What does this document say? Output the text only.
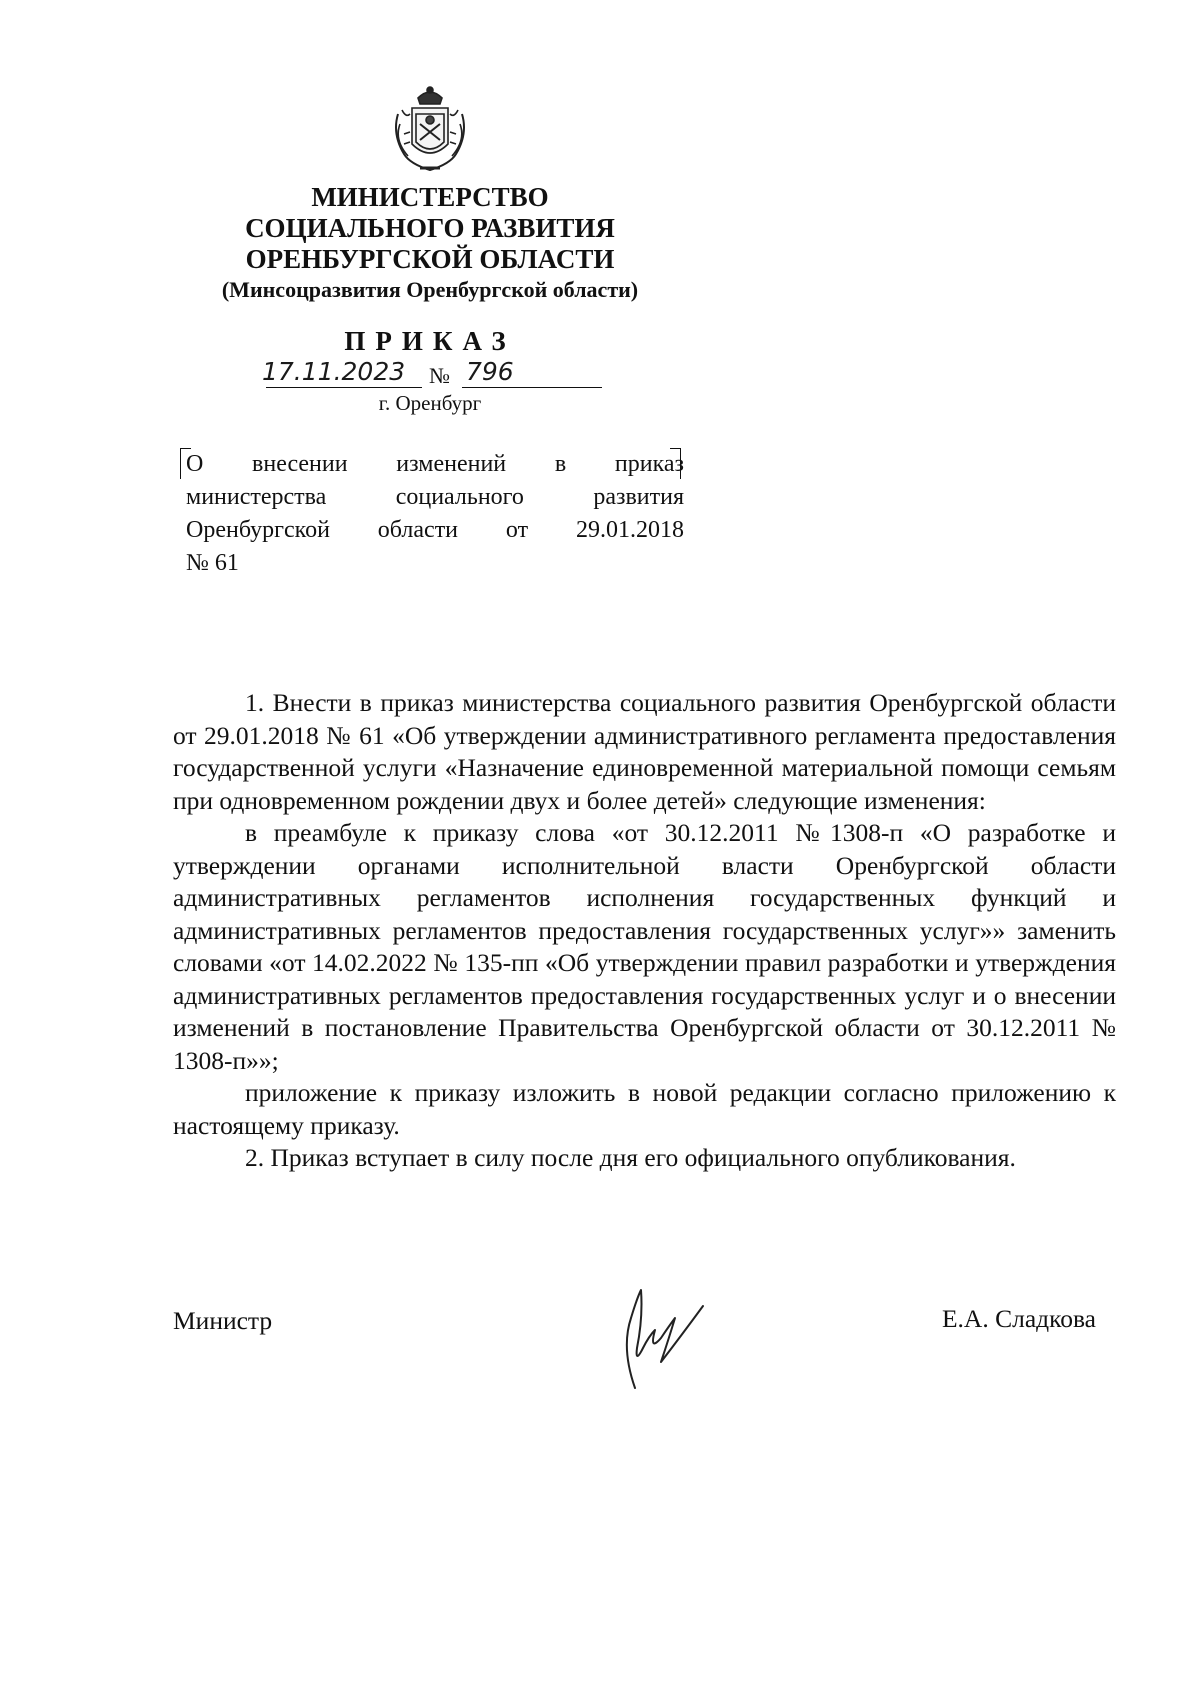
МИНИСТЕРСТВО

СОЦИАЛЬНОГО РАЗВИТИЯ

ОРЕНБУРГСКОЙ ОБЛАСТИ

(Минсоцразвития Оренбургской области)
ПРИКАЗ
17.11.2023 № 796
г. Оренбург

О внесении изменений в приказ

министерства социального развития

Оренбургской области от 29.01.2018

№ 61

1. Внести в приказ министерства социального развития Оренбургской области от 29.01.2018 № 61 «Об утверждении административного регламента предоставления государственной услуги «Назначение единовременной материальной помощи семьям при одновременном рождении двух и более детей» следующие изменения:

в преамбуле к приказу слова «от 30.12.2011 №1308-п «О разработке и утверждении органами исполнительной власти Оренбургской области административных регламентов исполнения государственных функций и административных регламентов предоставления государственных услуг»» заменить словами «от 14.02.2022 № 135-пп «Об утверждении правил разработки и утверждения административных регламентов предоставления государственных услуг и о внесении изменений в постановление Правительства Оренбургской области от 30.12.2011 № 1308-п»»;

приложение к приказу изложить в новой редакции согласно приложению к настоящему приказу.

2. Приказ вступает в силу после дня его официального опубликования.

Министр	Е.А. Сладкова
